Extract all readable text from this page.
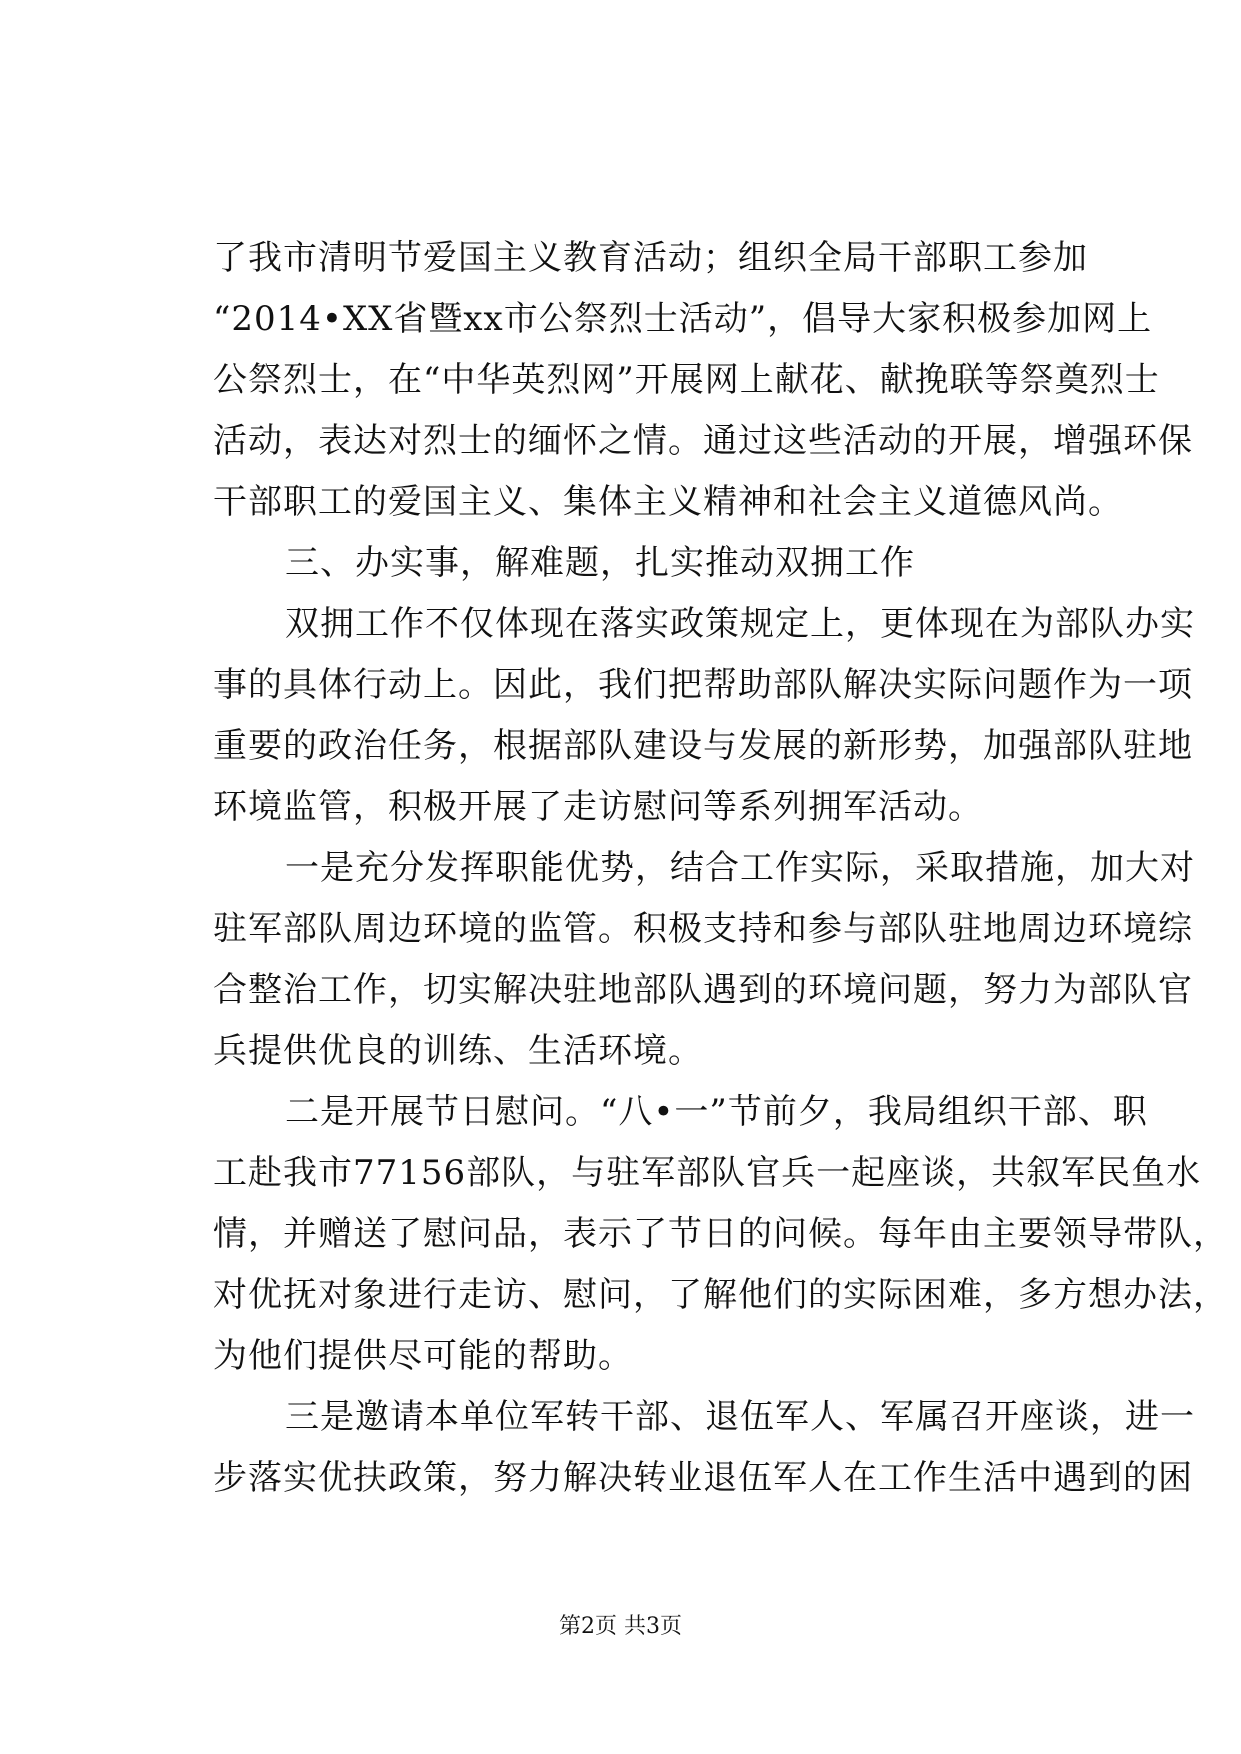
了我市清明节爱国主义教育活动；组织全局干部职工参加
“2014•XX省暨xx市公祭烈士活动”，倡导大家积极参加网上
公祭烈士，在“中华英烈网”开展网上献花、献挽联等祭奠烈士
活动，表达对烈士的缅怀之情。通过这些活动的开展，增强环保
干部职工的爱国主义、集体主义精神和社会主义道德风尚。
三、办实事，解难题，扎实推动双拥工作
双拥工作不仅体现在落实政策规定上，更体现在为部队办实
事的具体行动上。因此，我们把帮助部队解决实际问题作为一项
重要的政治任务，根据部队建设与发展的新形势，加强部队驻地
环境监管，积极开展了走访慰问等系列拥军活动。
一是充分发挥职能优势，结合工作实际，采取措施，加大对
驻军部队周边环境的监管。积极支持和参与部队驻地周边环境综
合整治工作，切实解决驻地部队遇到的环境问题，努力为部队官
兵提供优良的训练、生活环境。
二是开展节日慰问。“八•一”节前夕，我局组织干部、职
工赴我市77156部队，与驻军部队官兵一起座谈，共叙军民鱼水
情，并赠送了慰问品，表示了节日的问候。每年由主要领导带队，
对优抚对象进行走访、慰问，了解他们的实际困难，多方想办法，
为他们提供尽可能的帮助。
三是邀请本单位军转干部、退伍军人、军属召开座谈，进一
步落实优扶政策，努力解决转业退伍军人在工作生活中遇到的困
第2页 共3页
